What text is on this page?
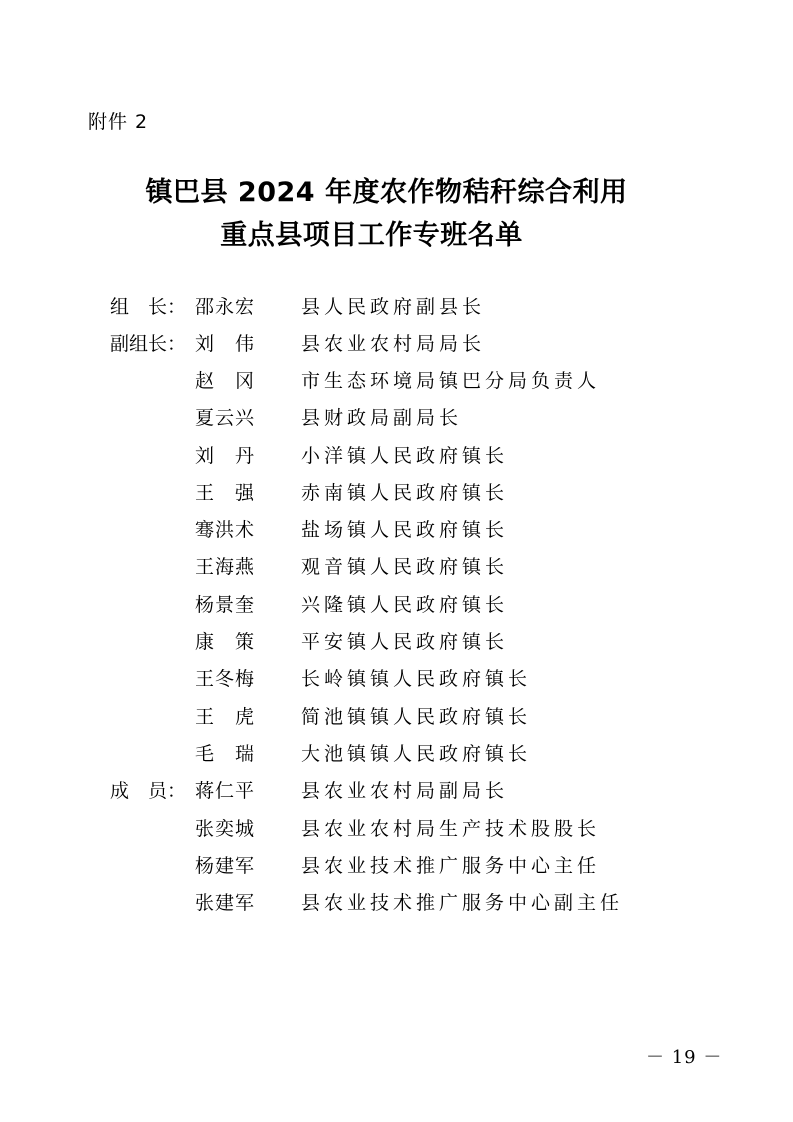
附件 2
镇巴县 2024 年度农作物秸秆综合利用
重点县项目工作专班名单
组　长： 邵永宏 县人民政府副县长
副组长： 刘　伟 县农业农村局局长
赵　冈 市生态环境局镇巴分局负责人
夏云兴 县财政局副局长
刘　丹 小洋镇人民政府镇长
王　强 赤南镇人民政府镇长
骞洪术 盐场镇人民政府镇长
王海燕 观音镇人民政府镇长
杨景奎 兴隆镇人民政府镇长
康　策 平安镇人民政府镇长
王冬梅 长岭镇镇人民政府镇长
王　虎 简池镇镇人民政府镇长
毛　瑞 大池镇镇人民政府镇长
成　员： 蒋仁平 县农业农村局副局长
张奕城 县农业农村局生产技术股股长
杨建军 县农业技术推广服务中心主任
张建军 县农业技术推广服务中心副主任
－ 19 －
